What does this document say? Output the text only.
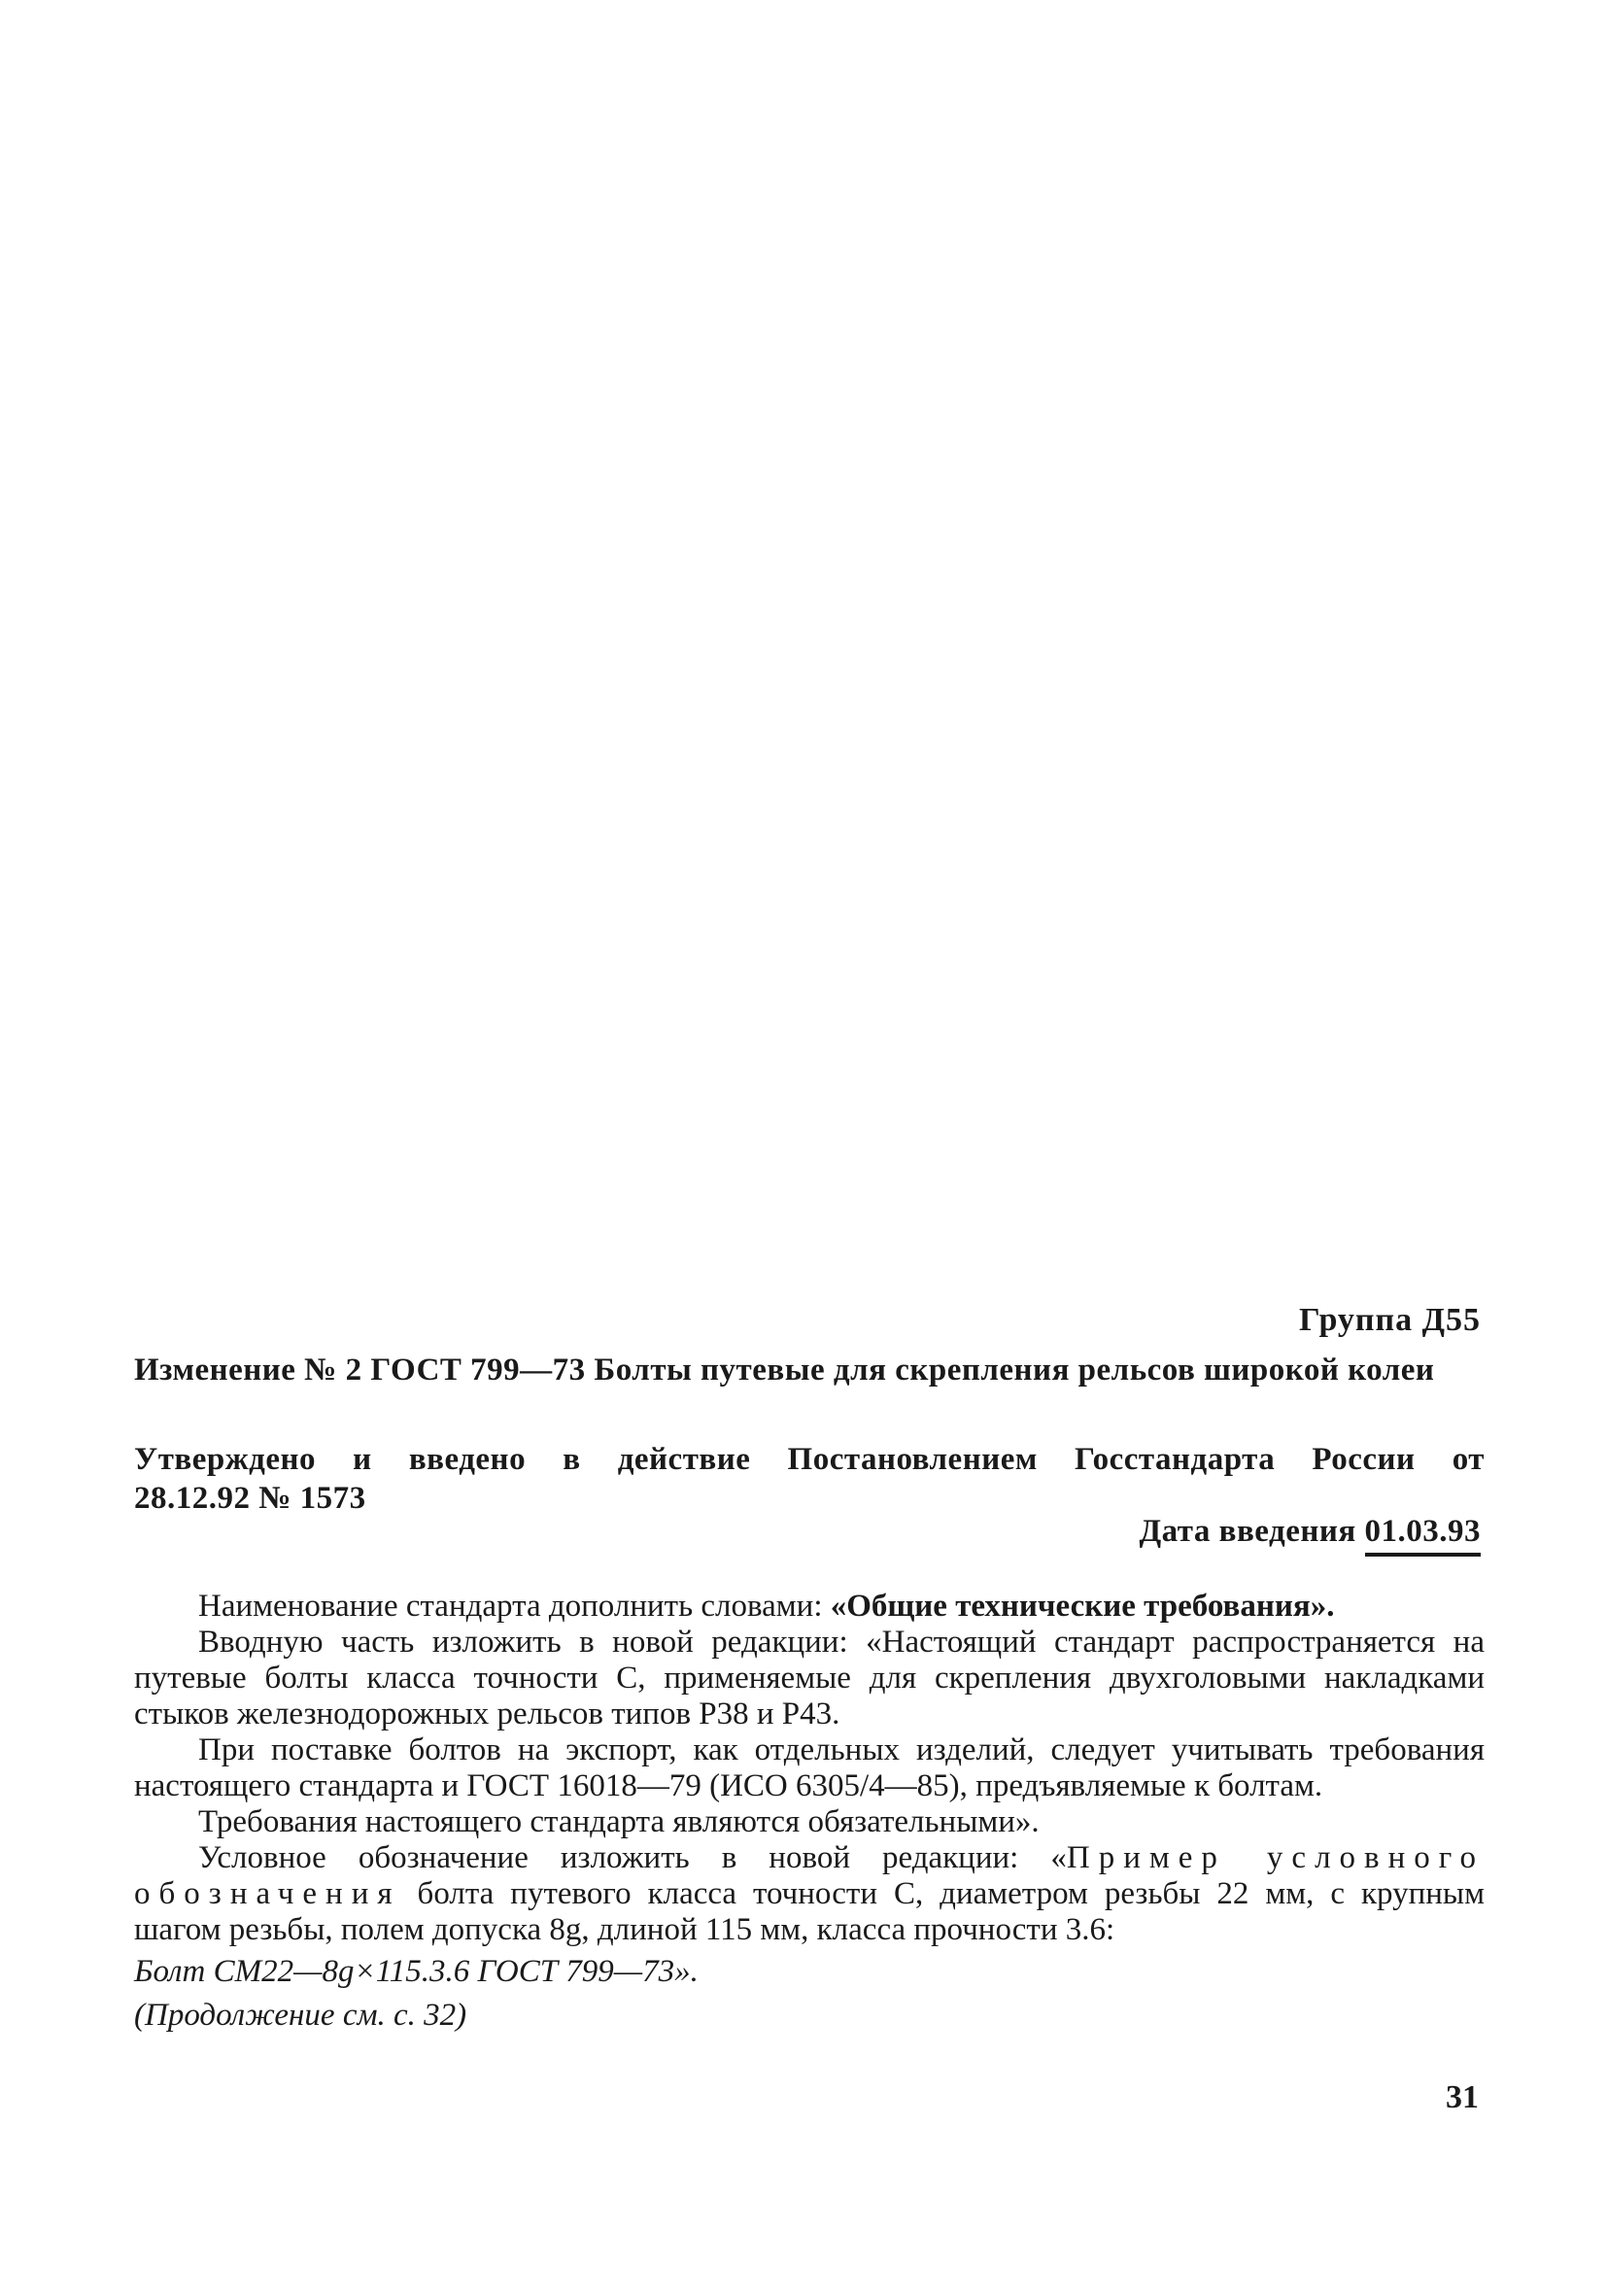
Группа Д55
Изменение № 2 ГОСТ 799—73 Болты путевые для скрепления рельсов широкой колеи
Утверждено и введено в действие Постановлением Госстандарта России от
28.12.92 № 1573
Дата введения 01.03.93

Наименование стандарта дополнить словами: «Общие технические требования».

Вводную часть изложить в новой редакции: «Настоящий стандарт распространяется на путевые болты класса точности С, применяемые для скрепления двухголовыми накладками стыков железнодорожных рельсов типов Р38 и Р43.

При поставке болтов на экспорт, как отдельных изделий, следует учитывать требования настоящего стандарта и ГОСТ 16018—79 (ИСО 6305/4—85), предъявляемые к болтам.

Требования настоящего стандарта являются обязательными».

Условное обозначение изложить в новой редакции: «Пример условного обозначения болта путевого класса точности С, диаметром резьбы 22 мм, с крупным шагом резьбы, полем допуска 8g, длиной 115 мм, класса прочности 3.6:

Болт СМ22—8g×115.3.6 ГОСТ 799—73».

(Продолжение см. с. 32)

31
